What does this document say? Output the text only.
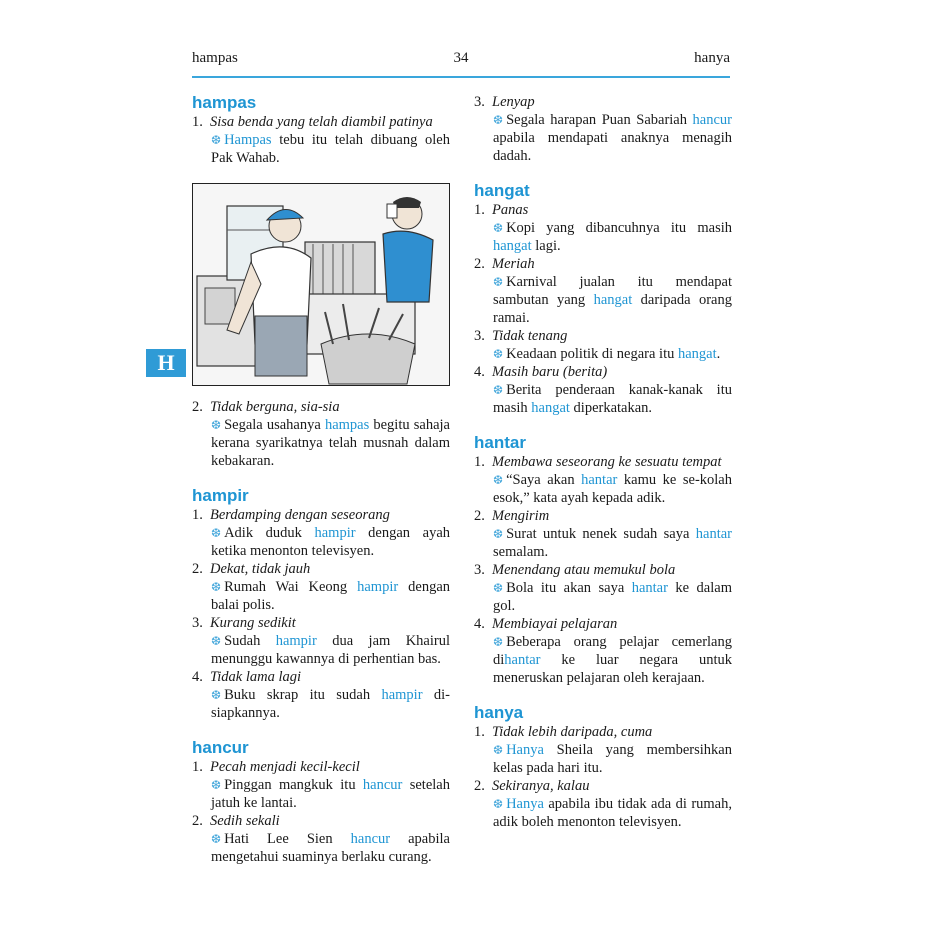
hampas	34	hanya
H
hampas
1. Sisa benda yang telah diambil patinya
❆ Hampas tebu itu telah dibuang oleh Pak Wahab.
2. Tidak berguna, sia-sia
❆ Segala usahanya hampas begitu sahaja kerana syarikatnya telah musnah dalam kebakaran.
hampir
1. Berdamping dengan seseorang
❆ Adik duduk hampir dengan ayah ketika menonton televisyen.
2. Dekat, tidak jauh
❆ Rumah Wai Keong hampir dengan balai polis.
3. Kurang sedikit
❆ Sudah hampir dua jam Khairul menunggu kawannya di perhentian bas.
4. Tidak lama lagi
❆ Buku skrap itu sudah hampir di-siapkannya.
hancur
1. Pecah menjadi kecil-kecil
❆ Pinggan mangkuk itu hancur setelah jatuh ke lantai.
2. Sedih sekali
❆ Hati Lee Sien hancur apabila mengetahui suaminya berlaku curang.
3. Lenyap
❆ Segala harapan Puan Sabariah hancur apabila mendapati anaknya menagih dadah.
hangat
1. Panas
❆ Kopi yang dibancuhnya itu masih hangat lagi.
2. Meriah
❆ Karnival jualan itu mendapat sambutan yang hangat daripada orang ramai.
3. Tidak tenang
❆ Keadaan politik di negara itu hangat.
4. Masih baru (berita)
❆ Berita penderaan kanak-kanak itu masih hangat diperkatakan.
hantar
1. Membawa seseorang ke sesuatu tempat
❆ “Saya akan hantar kamu ke se-kolah esok,” kata ayah kepada adik.
2. Mengirim
❆ Surat untuk nenek sudah saya hantar semalam.
3. Menendang atau memukul bola
❆ Bola itu akan saya hantar ke dalam gol.
4. Membiayai pelajaran
❆ Beberapa orang pelajar cemerlang dihantar ke luar negara untuk meneruskan pelajaran oleh kerajaan.
hanya
1. Tidak lebih daripada, cuma
❆ Hanya Sheila yang membersihkan kelas pada hari itu.
2. Sekiranya, kalau
❆ Hanya apabila ibu tidak ada di rumah, adik boleh menonton televisyen.
